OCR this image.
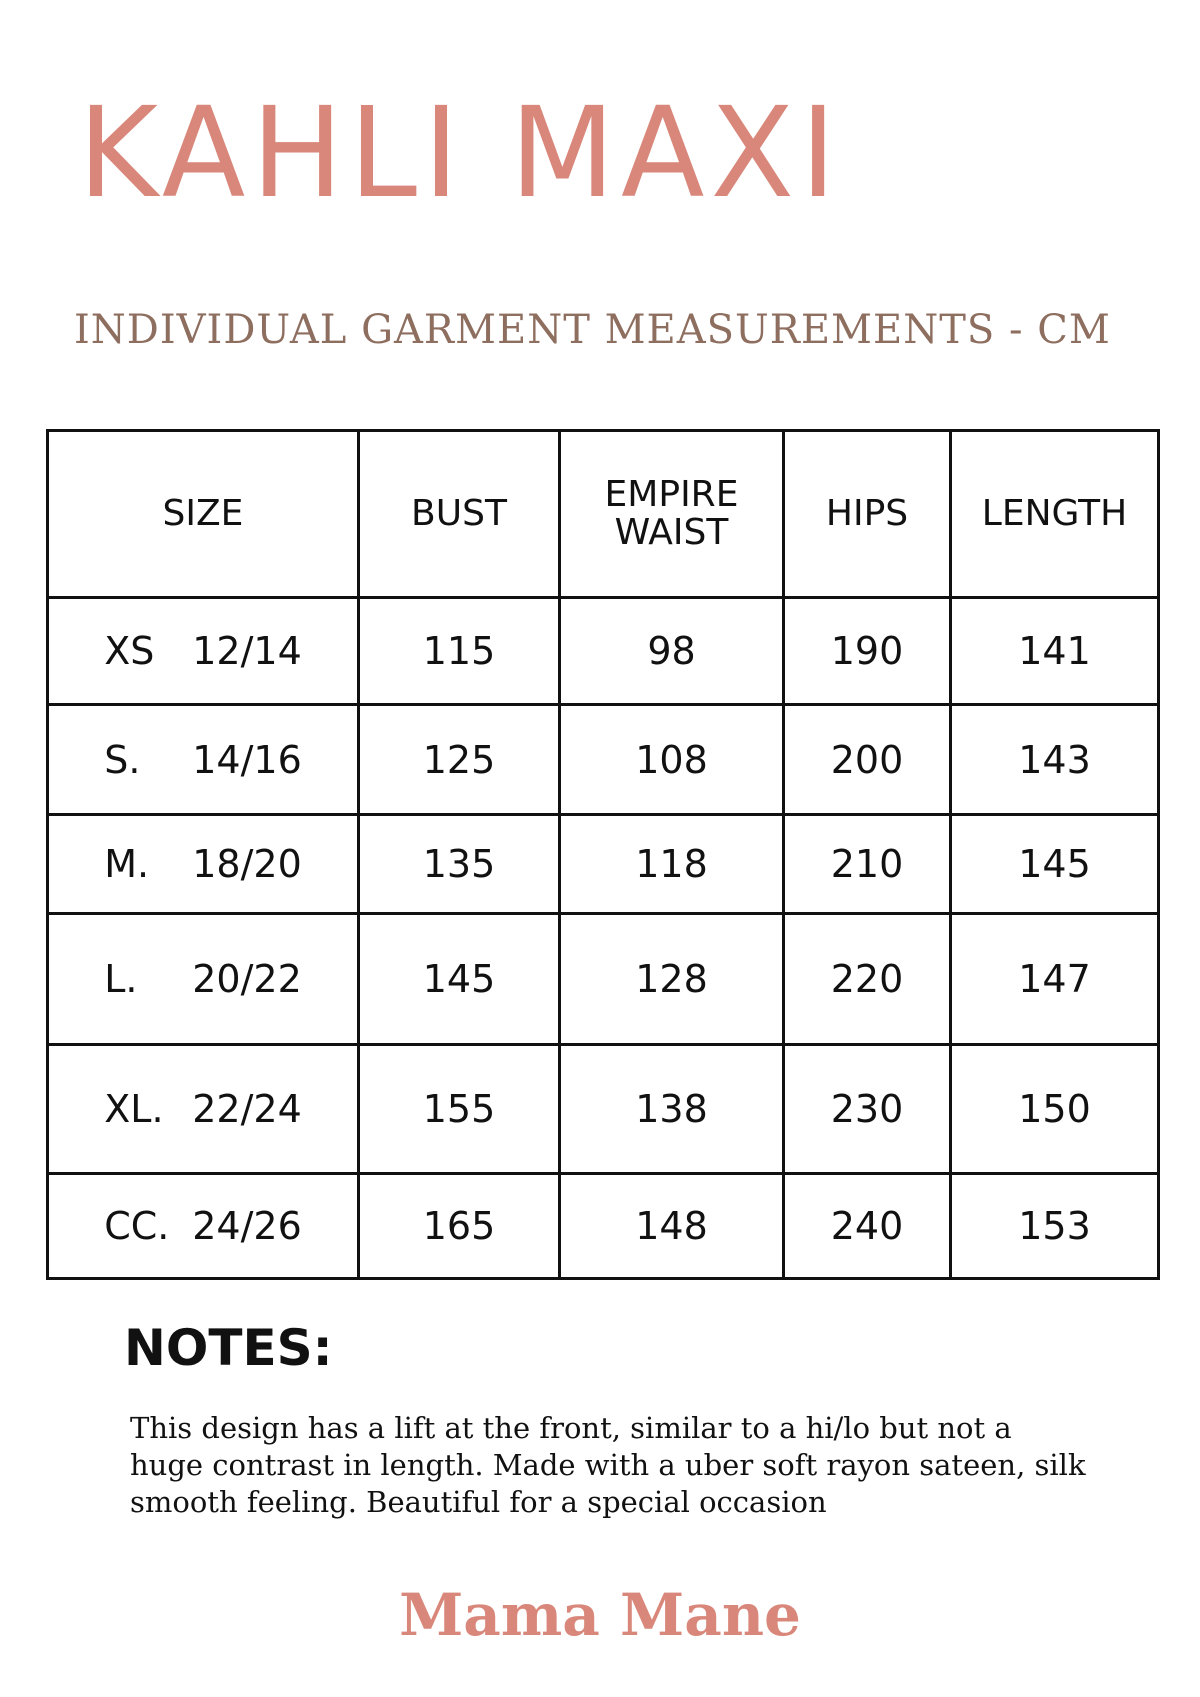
KAHLI MAXI
INDIVIDUAL GARMENT MEASUREMENTS - CM
SIZE	BUST	EMPIRE WAIST	HIPS	LENGTH
XS 12/14	115	98	190	141
S. 14/16	125	108	200	143
M. 18/20	135	118	210	145
L. 20/22	145	128	220	147
XL. 22/24	155	138	230	150
CC. 24/26	165	148	240	153
NOTES:

This design has a lift at the front, similar to a hi/lo but not a huge contrast in length. Made with a uber soft rayon sateen, silk smooth feeling. Beautiful for a special occasion

Mama Mane
